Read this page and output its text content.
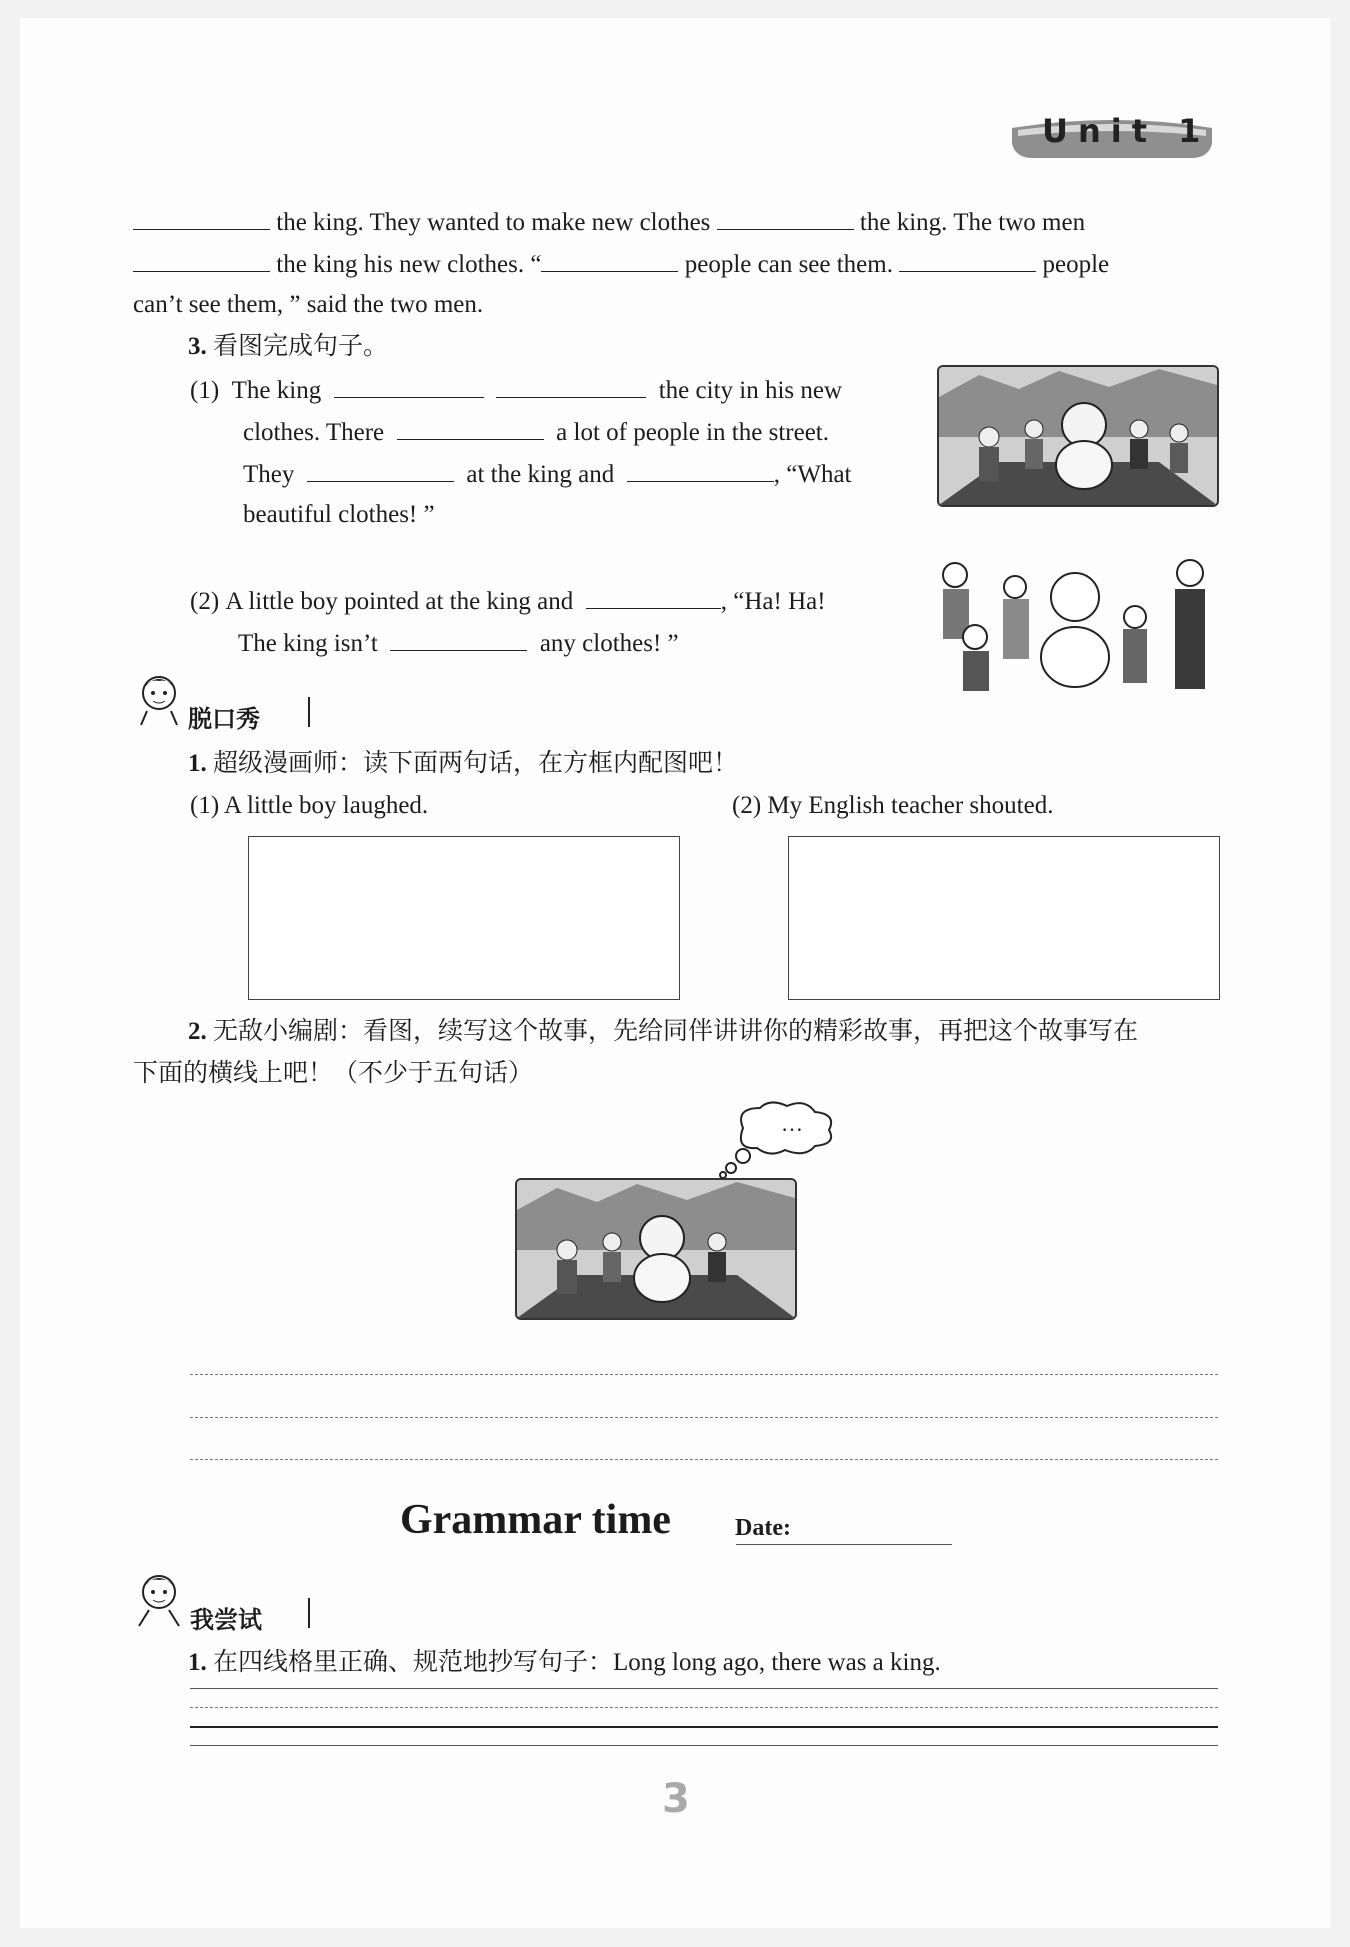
Unit 1
the king. They wanted to make new clothes	the king. The two men
the king his new clothes. “	people can see them.	people
can’t see them, ” said the two men.
3. 看图完成句子。
(1) The king	the city in his new
clothes. There	a lot of people in the street.
They	at the king and	, “What
beautiful clothes! ”
(2) A little boy pointed at the king and	, “Ha! Ha!
The king isn’t	any clothes! ”
脱口秀
1. 超级漫画师：读下面两句话，在方框内配图吧！
(1) A little boy laughed.	(2) My English teacher shouted.
2. 无敌小编剧：看图，续写这个故事，先给同伴讲讲你的精彩故事，再把这个故事写在
下面的横线上吧！（不少于五句话）
…
Grammar time	Date:
我尝试
1. 在四线格里正确、规范地抄写句子：Long long ago, there was a king.
3
